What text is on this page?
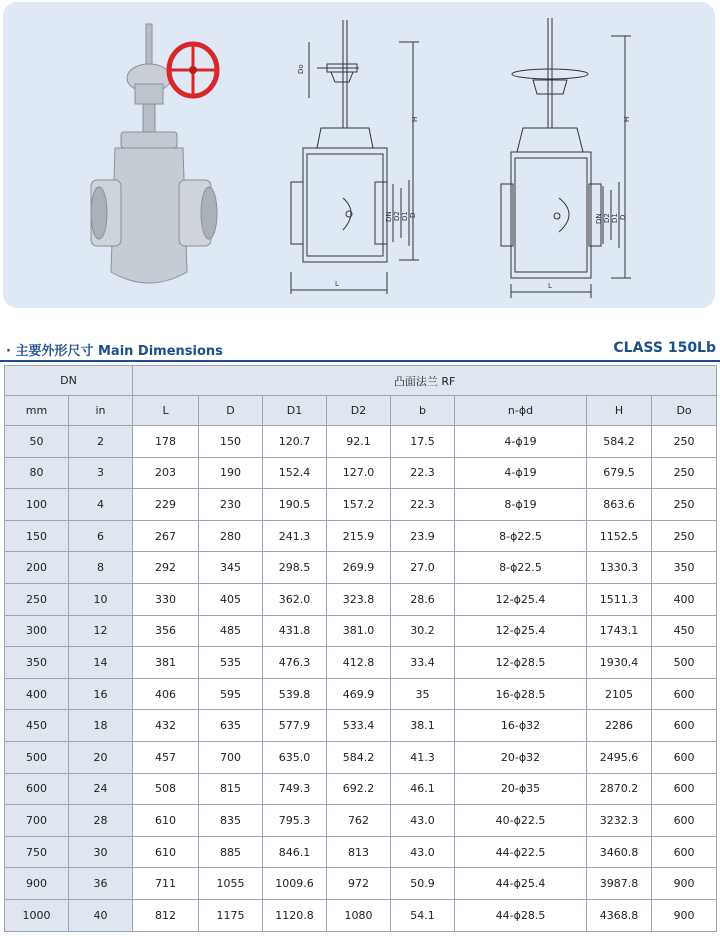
Do
H
DN D2 D1 D
L
H
DN D2 D1 D
L
· 主要外形尺寸 Main Dimensions	CLASS 150Lb
DN		凸面法兰 RF							
mm	in	L	D	D1	D2	b	n-ϕd	H	Do
50	2	178	150	120.7	92.1	17.5	4-ϕ19	584.2	250
80	3	203	190	152.4	127.0	22.3	4-ϕ19	679.5	250
100	4	229	230	190.5	157.2	22.3	8-ϕ19	863.6	250
150	6	267	280	241.3	215.9	23.9	8-ϕ22.5	1152.5	250
200	8	292	345	298.5	269.9	27.0	8-ϕ22.5	1330.3	350
250	10	330	405	362.0	323.8	28.6	12-ϕ25.4	1511.3	400
300	12	356	485	431.8	381.0	30.2	12-ϕ25.4	1743.1	450
350	14	381	535	476.3	412.8	33.4	12-ϕ28.5	1930.4	500
400	16	406	595	539.8	469.9	35	16-ϕ28.5	2105	600
450	18	432	635	577.9	533.4	38.1	16-ϕ32	2286	600
500	20	457	700	635.0	584.2	41.3	20-ϕ32	2495.6	600
600	24	508	815	749.3	692.2	46.1	20-ϕ35	2870.2	600
700	28	610	835	795.3	762	43.0	40-ϕ22.5	3232.3	600
750	30	610	885	846.1	813	43.0	44-ϕ22.5	3460.8	600
900	36	711	1055	1009.6	972	50.9	44-ϕ25.4	3987.8	900
1000	40	812	1175	1120.8	1080	54.1	44-ϕ28.5	4368.8	900
